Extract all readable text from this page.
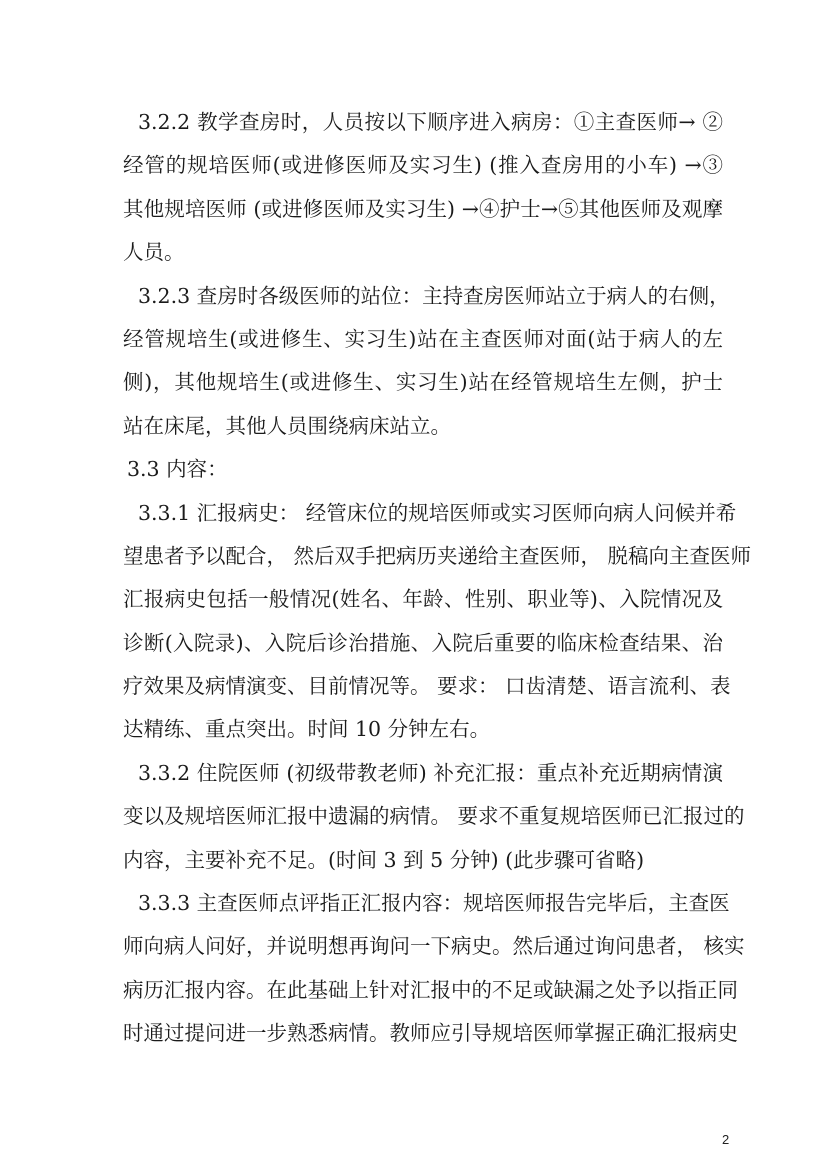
3.2.2 教学查房时，人员按以下顺序进入病房：①主查医师→ ②
经管的规培医师(或进修医师及实习生) (推入查房用的小车) →③
其他规培医师 (或进修医师及实习生) →④护士→⑤其他医师及观摩
人员。
3.2.3 查房时各级医师的站位：主持查房医师站立于病人的右侧，
经管规培生(或进修生、实习生)站在主查医师对面(站于病人的左
侧)，其他规培生(或进修生、实习生)站在经管规培生左侧，护士
站在床尾，其他人员围绕病床站立。
3.3 内容：
3.3.1 汇报病史： 经管床位的规培医师或实习医师向病人问候并希
望患者予以配合， 然后双手把病历夹递给主查医师， 脱稿向主查医师
汇报病史包括一般情况(姓名、年龄、性别、职业等)、入院情况及
诊断(入院录)、入院后诊治措施、入院后重要的临床检查结果、治
疗效果及病情演变、目前情况等。 要求： 口齿清楚、语言流利、表
达精练、重点突出。时间 10 分钟左右。
3.3.2 住院医师 (初级带教老师) 补充汇报：重点补充近期病情演
变以及规培医师汇报中遗漏的病情。 要求不重复规培医师已汇报过的
内容，主要补充不足。(时间 3 到 5 分钟) (此步骤可省略)
3.3.3 主查医师点评指正汇报内容：规培医师报告完毕后，主查医
师向病人问好，并说明想再询问一下病史。然后通过询问患者， 核实
病历汇报内容。在此基础上针对汇报中的不足或缺漏之处予以指正同
时通过提问进一步熟悉病情。教师应引导规培医师掌握正确汇报病史
2
